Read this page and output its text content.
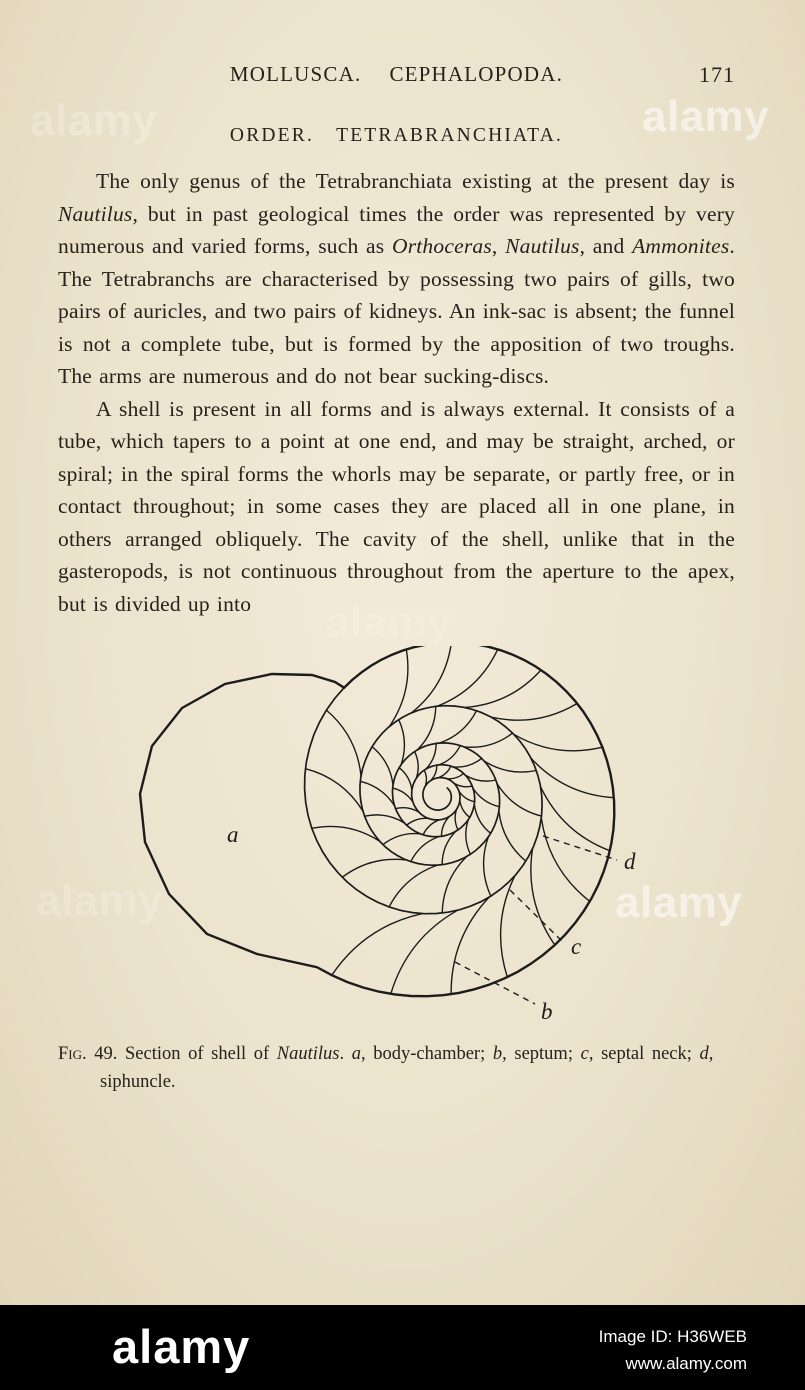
MOLLUSCA. CEPHALOPODA.	171
ORDER. TETRABRANCHIATA.

The only genus of the Tetrabranchiata existing at the present day is Nautilus, but in past geological times the order was represented by very numerous and varied forms, such as Orthoceras, Nautilus, and Ammonites. The Tetrabranchs are characterised by possessing two pairs of gills, two pairs of auricles, and two pairs of kidneys. An ink-sac is absent; the funnel is not a complete tube, but is formed by the apposition of two troughs. The arms are numerous and do not bear sucking-discs.

A shell is present in all forms and is always external. It consists of a tube, which tapers to a point at one end, and may be straight, arched, or spiral; in the spiral forms the whorls may be separate, or partly free, or in contact throughout; in some cases they are placed all in one plane, in others arranged obliquely. The cavity of the shell, unlike that in the gasteropods, is not continuous throughout from the aperture to the apex, but is divided up into

a
b
c
d

Fig. 49. Section of shell of Nautilus. a, body-chamber; b, septum; c, septal neck; d, siphuncle.

alamy
alamy
alamy
alamy
alamy
alamy	Image ID: H36WEB
www.alamy.com
